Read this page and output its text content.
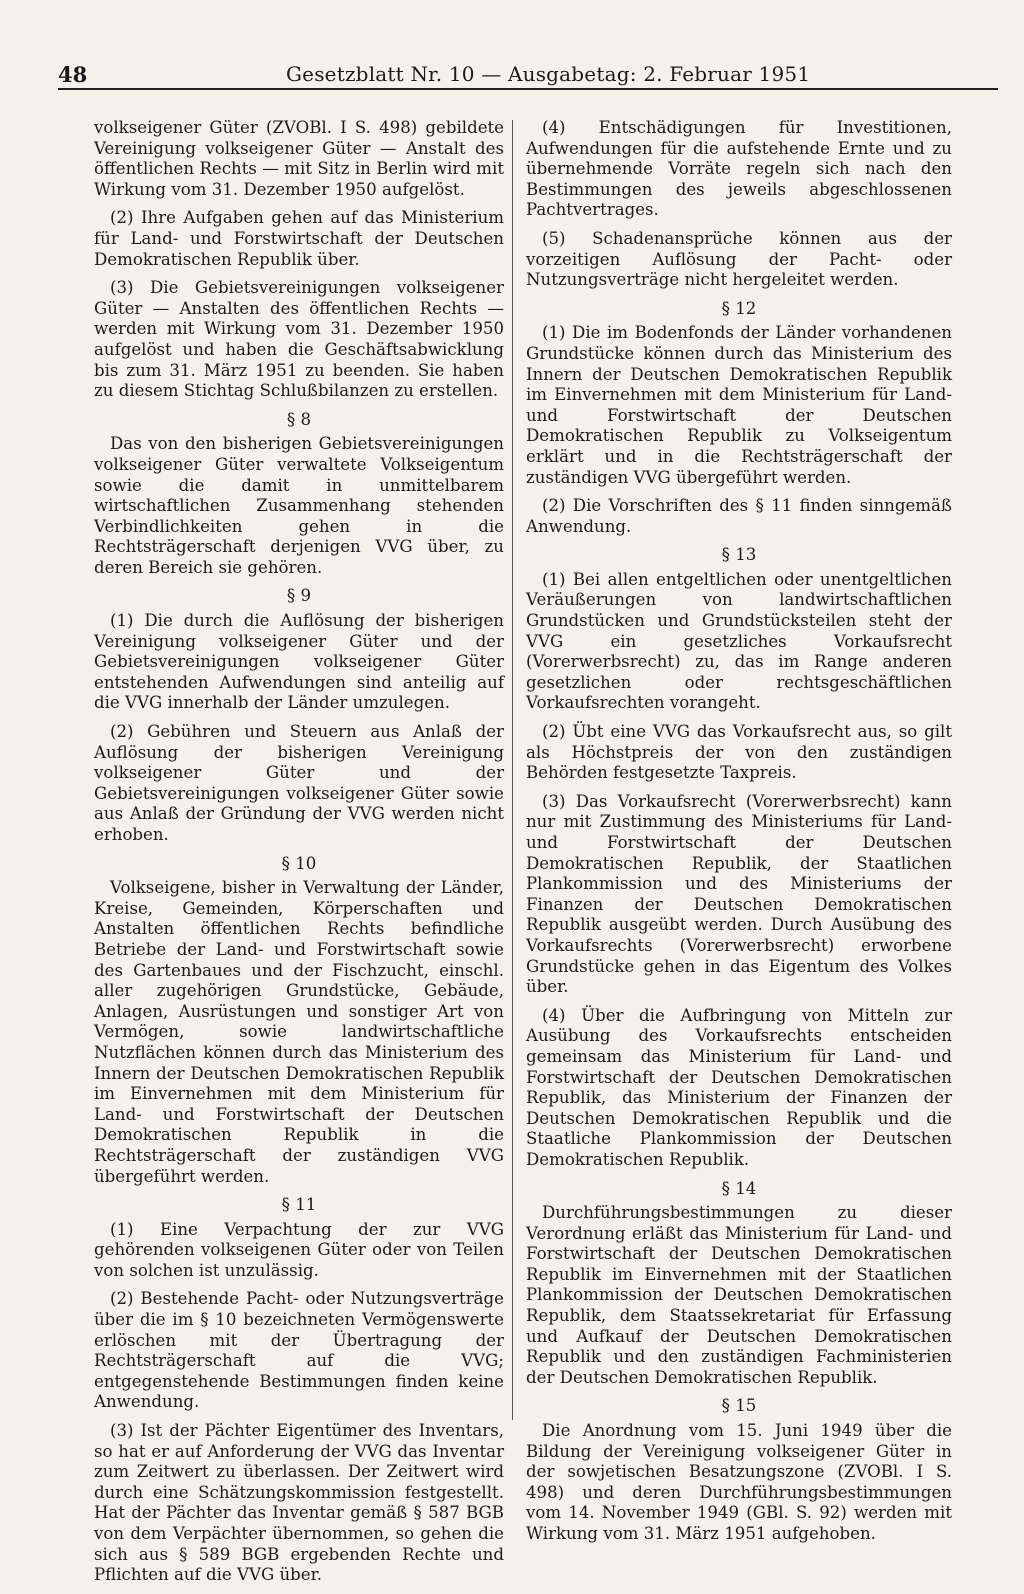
48	Gesetzblatt Nr. 10 — Ausgabetag: 2. Februar 1951

volkseigener Güter (ZVOBl. I S. 498) gebildete Vereinigung volkseigener Güter — Anstalt des öffentlichen Rechts — mit Sitz in Berlin wird mit Wirkung vom 31. Dezember 1950 aufgelöst.

(2) Ihre Aufgaben gehen auf das Ministerium für Land- und Forstwirtschaft der Deutschen Demokratischen Republik über.

(3) Die Gebietsvereinigungen volkseigener Güter — Anstalten des öffentlichen Rechts — werden mit Wirkung vom 31. Dezember 1950 aufgelöst und haben die Geschäftsabwicklung bis zum 31. März 1951 zu beenden. Sie haben zu diesem Stichtag Schlußbilanzen zu erstellen.

§ 8

Das von den bisherigen Gebietsvereinigungen volkseigener Güter verwaltete Volkseigentum sowie die damit in unmittelbarem wirtschaftlichen Zusammenhang stehenden Verbindlichkeiten gehen in die Rechtsträgerschaft derjenigen VVG über, zu deren Bereich sie gehören.

§ 9

(1) Die durch die Auflösung der bisherigen Vereinigung volkseigener Güter und der Gebietsvereinigungen volkseigener Güter entstehenden Aufwendungen sind anteilig auf die VVG innerhalb der Länder umzulegen.

(2) Gebühren und Steuern aus Anlaß der Auflösung der bisherigen Vereinigung volkseigener Güter und der Gebietsvereinigungen volkseigener Güter sowie aus Anlaß der Gründung der VVG werden nicht erhoben.

§ 10

Volkseigene, bisher in Verwaltung der Länder, Kreise, Gemeinden, Körperschaften und Anstalten öffentlichen Rechts befindliche Betriebe der Land- und Forstwirtschaft sowie des Gartenbaues und der Fischzucht, einschl. aller zugehörigen Grundstücke, Gebäude, Anlagen, Ausrüstungen und sonstiger Art von Vermögen, sowie landwirtschaftliche Nutzflächen können durch das Ministerium des Innern der Deutschen Demokratischen Republik im Einvernehmen mit dem Ministerium für Land- und Forstwirtschaft der Deutschen Demokratischen Republik in die Rechtsträgerschaft der zuständigen VVG übergeführt werden.

§ 11

(1) Eine Verpachtung der zur VVG gehörenden volkseigenen Güter oder von Teilen von solchen ist unzulässig.

(2) Bestehende Pacht- oder Nutzungsverträge über die im § 10 bezeichneten Vermögenswerte erlöschen mit der Übertragung der Rechtsträgerschaft auf die VVG; entgegenstehende Bestimmungen finden keine Anwendung.

(3) Ist der Pächter Eigentümer des Inventars, so hat er auf Anforderung der VVG das Inventar zum Zeitwert zu überlassen. Der Zeitwert wird durch eine Schätzungskommission festgestellt. Hat der Pächter das Inventar gemäß § 587 BGB von dem Verpächter übernommen, so gehen die sich aus § 589 BGB ergebenden Rechte und Pflichten auf die VVG über.

(4) Entschädigungen für Investitionen, Aufwendungen für die aufstehende Ernte und zu übernehmende Vorräte regeln sich nach den Bestimmungen des jeweils abgeschlossenen Pachtvertrages.

(5) Schadenansprüche können aus der vorzeitigen Auflösung der Pacht- oder Nutzungsverträge nicht hergeleitet werden.

§ 12

(1) Die im Bodenfonds der Länder vorhandenen Grundstücke können durch das Ministerium des Innern der Deutschen Demokratischen Republik im Einvernehmen mit dem Ministerium für Land- und Forstwirtschaft der Deutschen Demokratischen Republik zu Volkseigentum erklärt und in die Rechtsträgerschaft der zuständigen VVG übergeführt werden.

(2) Die Vorschriften des § 11 finden sinngemäß Anwendung.

§ 13

(1) Bei allen entgeltlichen oder unentgeltlichen Veräußerungen von landwirtschaftlichen Grundstücken und Grundstücksteilen steht der VVG ein gesetzliches Vorkaufsrecht (Vorerwerbsrecht) zu, das im Range anderen gesetzlichen oder rechtsgeschäftlichen Vorkaufsrechten vorangeht.

(2) Übt eine VVG das Vorkaufsrecht aus, so gilt als Höchstpreis der von den zuständigen Behörden festgesetzte Taxpreis.

(3) Das Vorkaufsrecht (Vorerwerbsrecht) kann nur mit Zustimmung des Ministeriums für Land- und Forstwirtschaft der Deutschen Demokratischen Republik, der Staatlichen Plankommission und des Ministeriums der Finanzen der Deutschen Demokratischen Republik ausgeübt werden. Durch Ausübung des Vorkaufsrechts (Vorerwerbsrecht) erworbene Grundstücke gehen in das Eigentum des Volkes über.

(4) Über die Aufbringung von Mitteln zur Ausübung des Vorkaufsrechts entscheiden gemeinsam das Ministerium für Land- und Forstwirtschaft der Deutschen Demokratischen Republik, das Ministerium der Finanzen der Deutschen Demokratischen Republik und die Staatliche Plankommission der Deutschen Demokratischen Republik.

§ 14

Durchführungsbestimmungen zu dieser Verordnung erläßt das Ministerium für Land- und Forstwirtschaft der Deutschen Demokratischen Republik im Einvernehmen mit der Staatlichen Plankommission der Deutschen Demokratischen Republik, dem Staatssekretariat für Erfassung und Aufkauf der Deutschen Demokratischen Republik und den zuständigen Fachministerien der Deutschen Demokratischen Republik.

§ 15

Die Anordnung vom 15. Juni 1949 über die Bildung der Vereinigung volkseigener Güter in der sowjetischen Besatzungszone (ZVOBl. I S. 498) und deren Durchführungsbestimmungen vom 14. November 1949 (GBl. S. 92) werden mit Wirkung vom 31. März 1951 aufgehoben.
